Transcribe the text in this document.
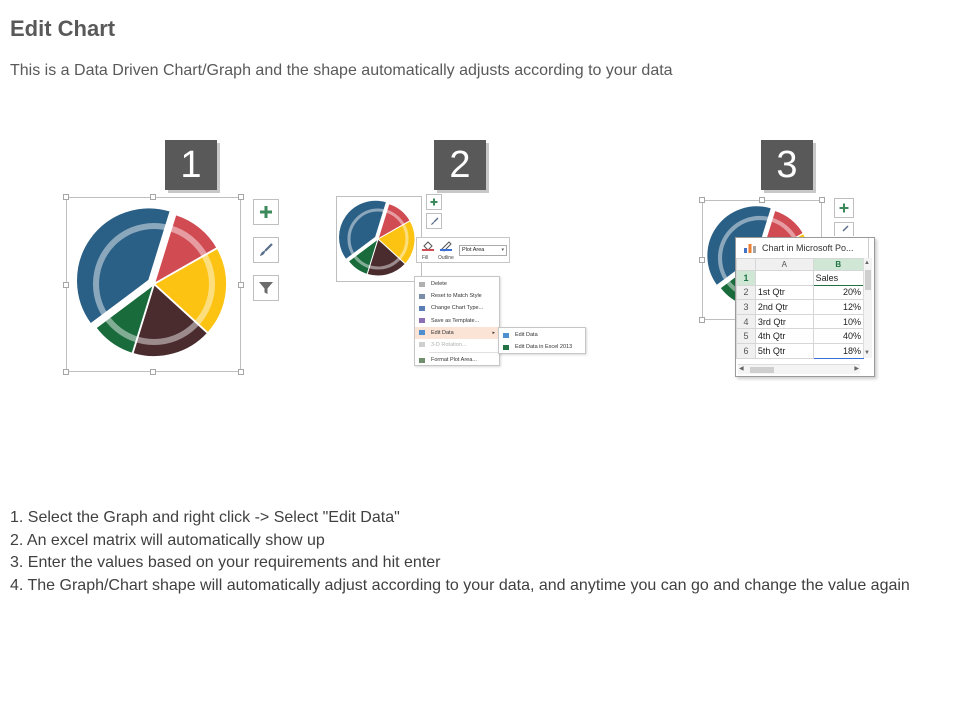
Edit Chart
This is a Data Driven Chart/Graph and the shape automatically adjusts according to your data
1	2	3
Fill Outline
Plot Area	▾
Delete
Reset to Match Style
Change Chart Type...
Save as Template...
Edit Data	▸
3-D Rotation...
Format Plot Area...
Edit Data
Edit Data in Excel 2013
Chart in Microsoft Po...
	A	B
1		Sales
2	1st Qtr	20%
3	2nd Qtr	12%
4	3rd Qtr	10%
5	4th Qtr	40%
6	5th Qtr	18%
▲
▼
◀	▶
1. Select the Graph and right click -> Select "Edit Data"
2. An excel matrix will automatically show up
3. Enter the values based on your requirements and hit enter
4. The Graph/Chart shape will automatically adjust according to your data, and anytime you can go and change the value again
